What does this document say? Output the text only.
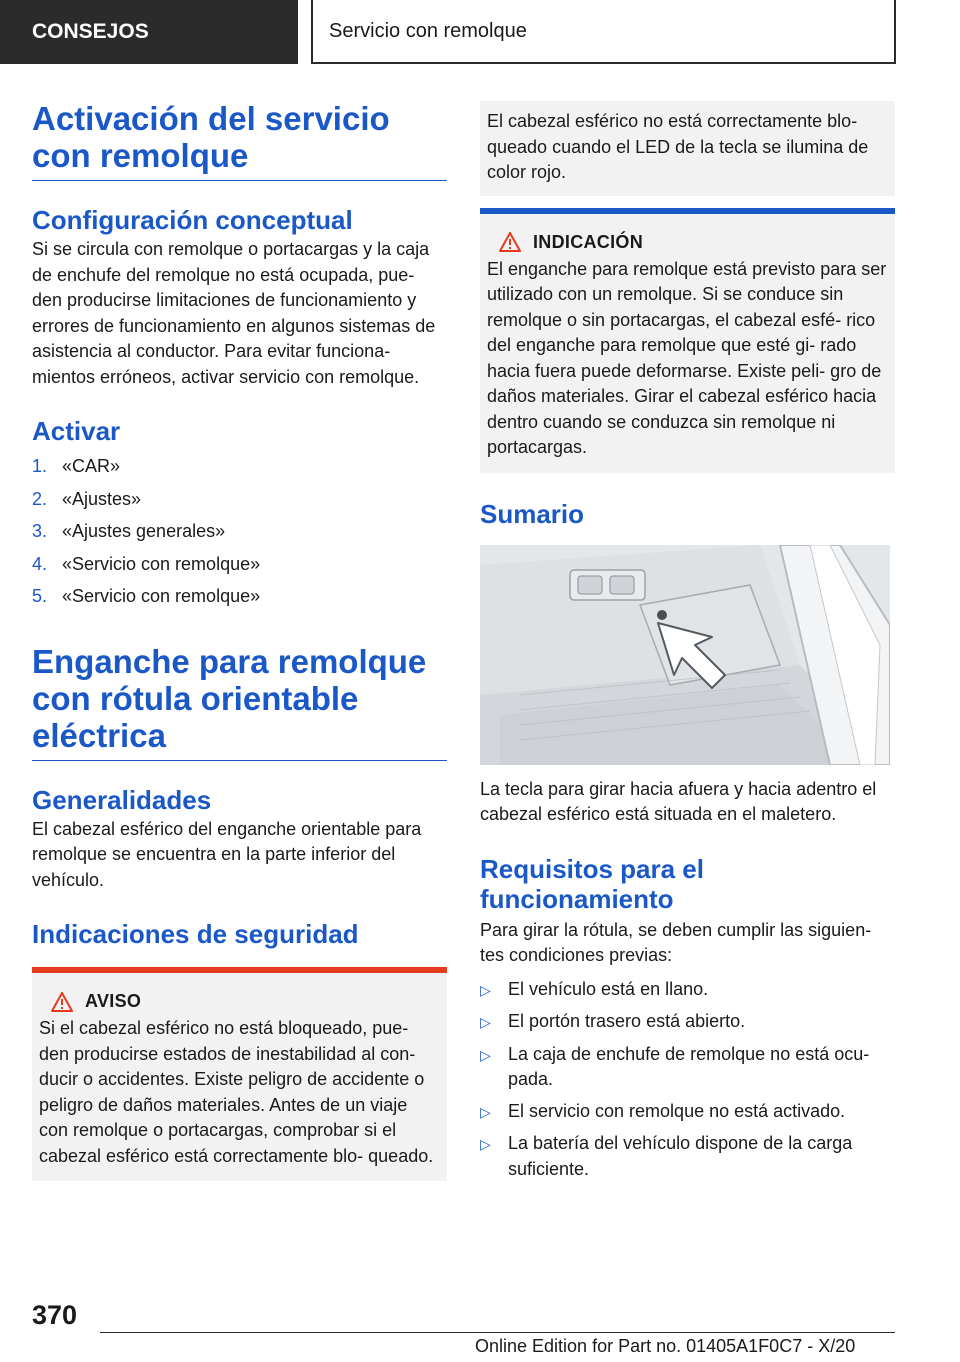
CONSEJOS	Servicio con remolque
Activación del servicio con remolque
Configuración conceptual

Si se circula con remolque o portacargas y la caja de enchufe del remolque no está ocupada, pue- den producirse limitaciones de funcionamiento y errores de funcionamiento en algunos sistemas de asistencia al conductor. Para evitar funciona- mientos erróneos, activar servicio con remolque.

Activar
1. «CAR»
2. «Ajustes»
3. «Ajustes generales»
4. «Servicio con remolque»
5. «Servicio con remolque»
Enganche para remolque con rótula orientable eléctrica
Generalidades

El cabezal esférico del enganche orientable para remolque se encuentra en la parte inferior del vehículo.

Indicaciones de seguridad
AVISO

Si el cabezal esférico no está bloqueado, pue- den producirse estados de inestabilidad al con- ducir o accidentes. Existe peligro de accidente o peligro de daños materiales. Antes de un viaje con remolque o portacargas, comprobar si el cabezal esférico está correctamente blo- queado.

El cabezal esférico no está correctamente blo- queado cuando el LED de la tecla se ilumina de color rojo.

INDICACIÓN

El enganche para remolque está previsto para ser utilizado con un remolque. Si se conduce sin remolque o sin portacargas, el cabezal esfé- rico del enganche para remolque que esté gi- rado hacia fuera puede deformarse. Existe peli- gro de daños materiales. Girar el cabezal esférico hacia dentro cuando se conduzca sin remolque ni portacargas.

Sumario

La tecla para girar hacia afuera y hacia adentro el cabezal esférico está situada en el maletero.

Requisitos para el funcionamiento

Para girar la rótula, se deben cumplir las siguien- tes condiciones previas:

▷ El vehículo está en llano.
▷ El portón trasero está abierto.
▷ La caja de enchufe de remolque no está ocu- pada.
▷ El servicio con remolque no está activado.
▷ La batería del vehículo dispone de la carga suficiente.
370
Online Edition for Part no. 01405A1F0C7 - X/20
